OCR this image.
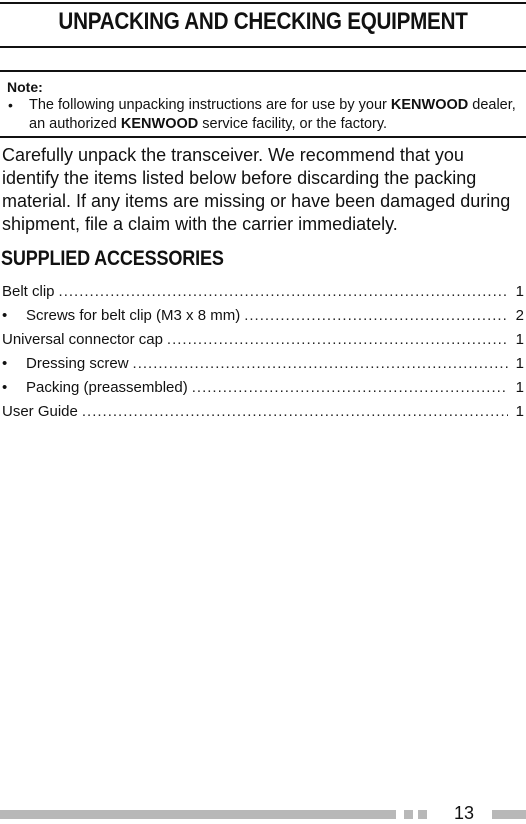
UNPACKING AND CHECKING EQUIPMENT
Note:
• The following unpacking instructions are for use by your KENWOOD dealer, an authorized KENWOOD service facility, or the factory.
Carefully unpack the transceiver. We recommend that you identify the items listed below before discarding the packing material. If any items are missing or have been damaged during shipment, file a claim with the carrier immediately.
SUPPLIED ACCESSORIES
Belt clip .....	1
•	Screws for belt clip (M3 x 8 mm) .....	2
Universal connector cap .....	1
•	Dressing screw .....	1
•	Packing (preassembled) .....	1
User Guide .....	1
13
